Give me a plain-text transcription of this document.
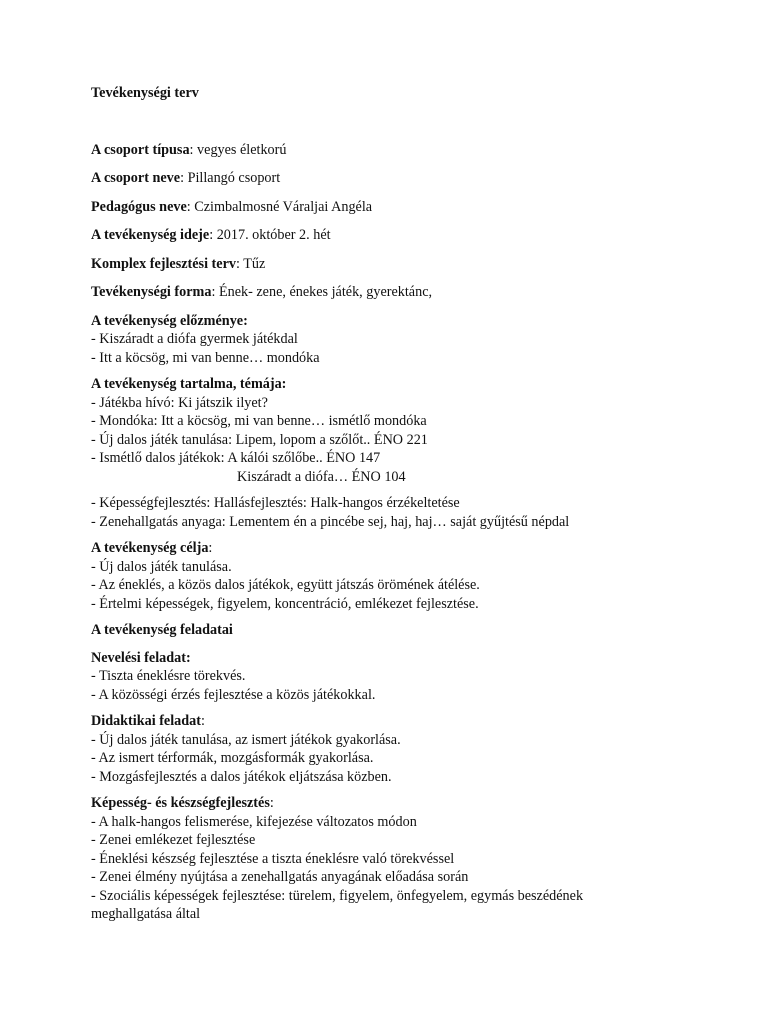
Tevékenységi terv
A csoport típusa: vegyes életkorú
A csoport neve: Pillangó csoport
Pedagógus neve: Czimbalmosné Váraljai Angéla
A tevékenység ideje: 2017. október 2. hét
Komplex fejlesztési terv: Tűz
Tevékenységi forma: Ének- zene, énekes játék, gyerektánc,
A tevékenység előzménye:
- Kiszáradt a diófa gyermek játékdal
- Itt a köcsög, mi van benne… mondóka
A tevékenység tartalma, témája:
- Játékba hívó: Ki játszik ilyet?
- Mondóka: Itt a köcsög, mi van benne… ismétlő mondóka
- Új dalos játék tanulása: Lipem, lopom a szőlőt.. ÉNO 221
- Ismétlő dalos játékok: A kálói szőlőbe.. ÉNO 147
Kiszáradt a diófa… ÉNO 104
- Képességfejlesztés: Hallásfejlesztés: Halk-hangos érzékeltetése
- Zenehallgatás anyaga: Lementem én a pincébe sej, haj, haj… saját gyűjtésű népdal
A tevékenység célja:
- Új dalos játék tanulása.
- Az éneklés, a közös dalos játékok, együtt játszás örömének átélése.
- Értelmi képességek, figyelem, koncentráció, emlékezet fejlesztése.
A tevékenység feladatai
Nevelési feladat:
- Tiszta éneklésre törekvés.
- A közösségi érzés fejlesztése a közös játékokkal.
Didaktikai feladat:
- Új dalos játék tanulása, az ismert játékok gyakorlása.
- Az ismert térformák, mozgásformák gyakorlása.
- Mozgásfejlesztés a dalos játékok eljátszása közben.
Képesség- és készségfejlesztés:
- A halk-hangos felismerése, kifejezése változatos módon
- Zenei emlékezet fejlesztése
- Éneklési készség fejlesztése a tiszta éneklésre való törekvéssel
- Zenei élmény nyújtása a zenehallgatás anyagának előadása során
- Szociális képességek fejlesztése: türelem, figyelem, önfegyelem, egymás beszédének
meghallgatása által
